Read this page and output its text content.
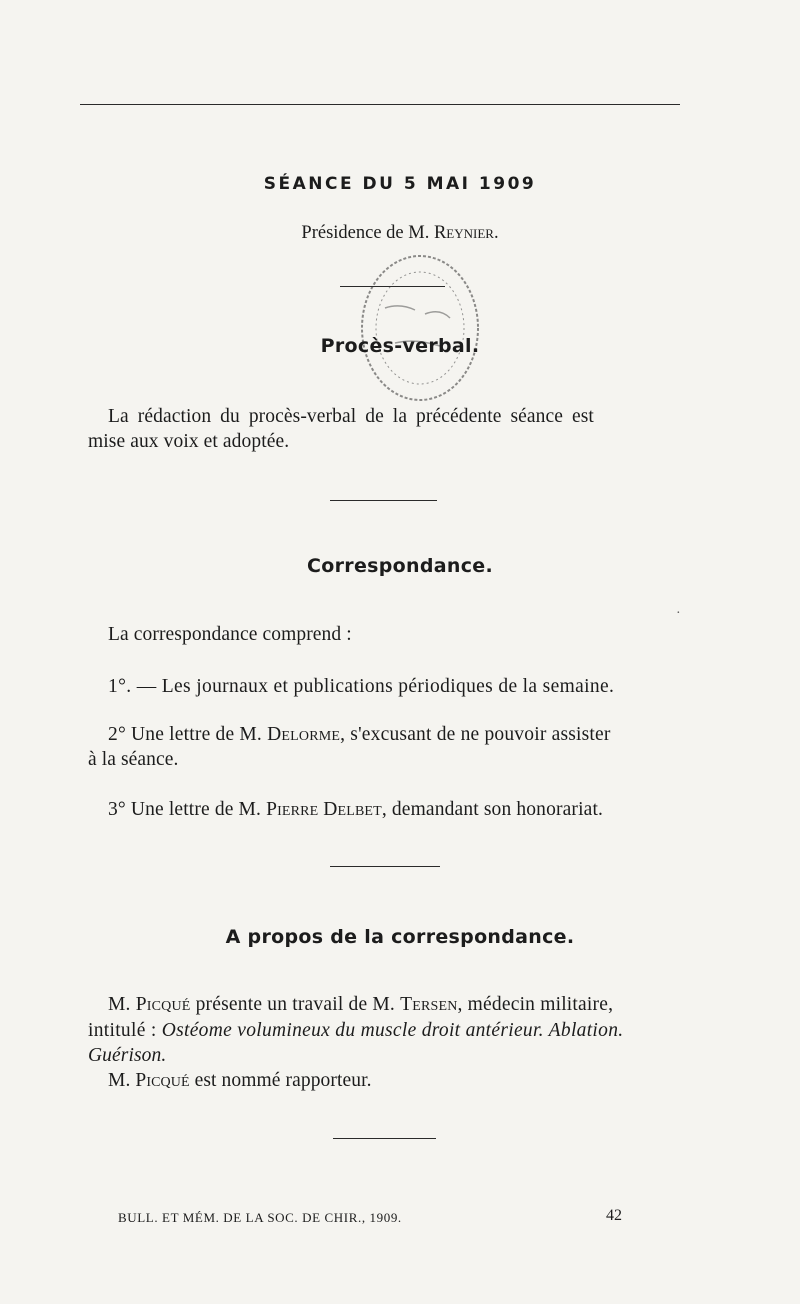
SÉANCE DU 5 MAI 1909
Présidence de M. Reynier.
Procès-verbal.
La rédaction du procès-verbal de la précédente séance est
mise aux voix et adoptée.
Correspondance.
·
La correspondance comprend :
1°. — Les journaux et publications périodiques de la semaine.
2° Une lettre de M. Delorme, s'excusant de ne pouvoir assister
à la séance.
3° Une lettre de M. Pierre Delbet, demandant son honorariat.
A propos de la correspondance.
M. Picqué présente un travail de M. Tersen, médecin militaire,
intitulé : Ostéome volumineux du muscle droit antérieur. Ablation.
Guérison.
M. Picqué est nommé rapporteur.
BULL. ET MÉM. DE LA SOC. DE CHIR., 1909.	42
